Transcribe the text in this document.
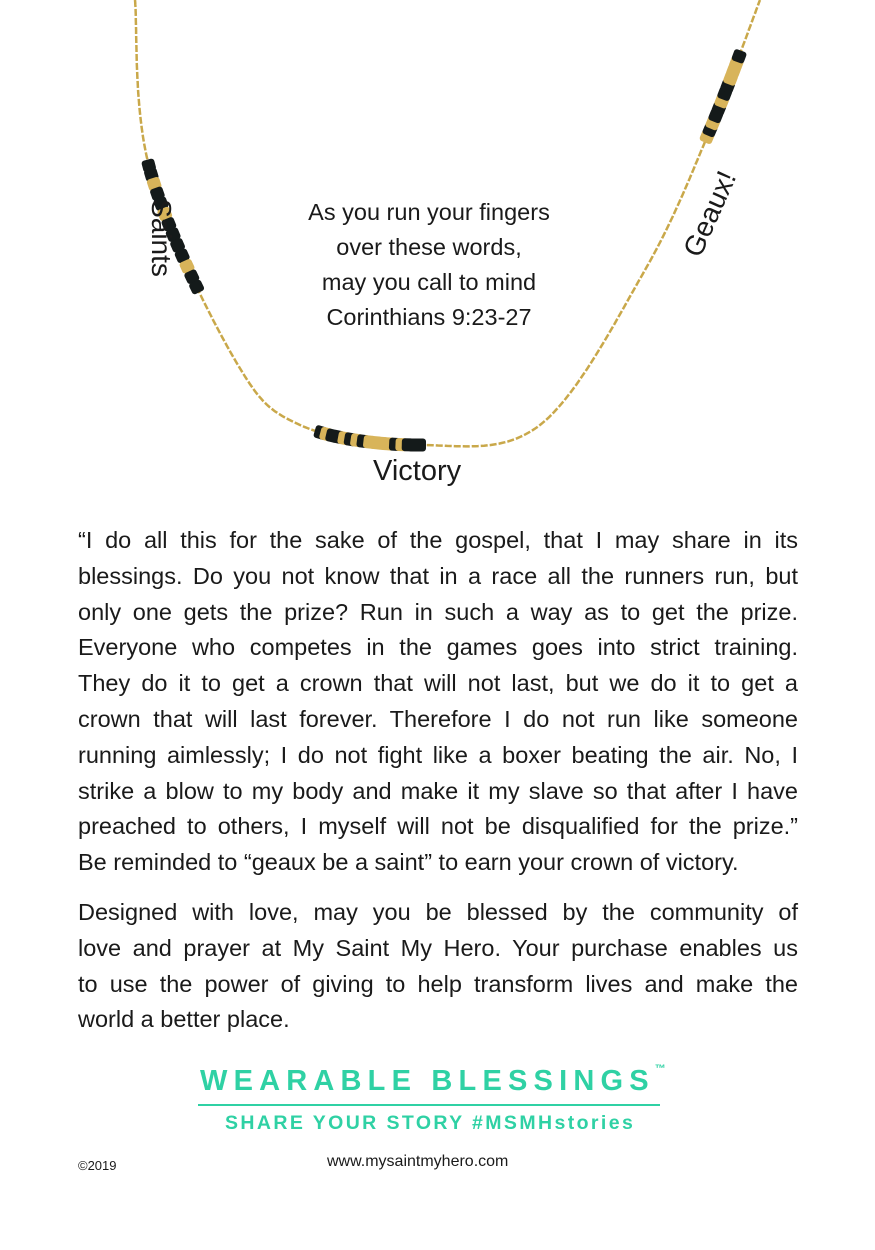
Saints	Geaux!
Victory
As you run your fingers
over these words,
may you call to mind
Corinthians 9:23-27
“I do all this for the sake of the gospel, that I may share in its
blessings. Do you not know that in a race all the runners run, but
only one gets the prize? Run in such a way as to get the prize.
Everyone who competes in the games goes into strict training.
They do it to get a crown that will not last, but we do it to get a
crown that will last forever. Therefore I do not run like someone
running aimlessly; I do not fight like a boxer beating the air. No, I
strike a blow to my body and make it my slave so that after I have
preached to others, I myself will not be disqualified for the prize.”
Be reminded to “geaux be a saint” to earn your crown of victory.
Designed with love, may you be blessed by the community of
love and prayer at My Saint My Hero. Your purchase enables us
to use the power of giving to help transform lives and make the
world a better place.
WEARABLE BLESSINGS™
SHARE YOUR STORY #MSMHstories
©2019	www.mysaintmyhero.com
